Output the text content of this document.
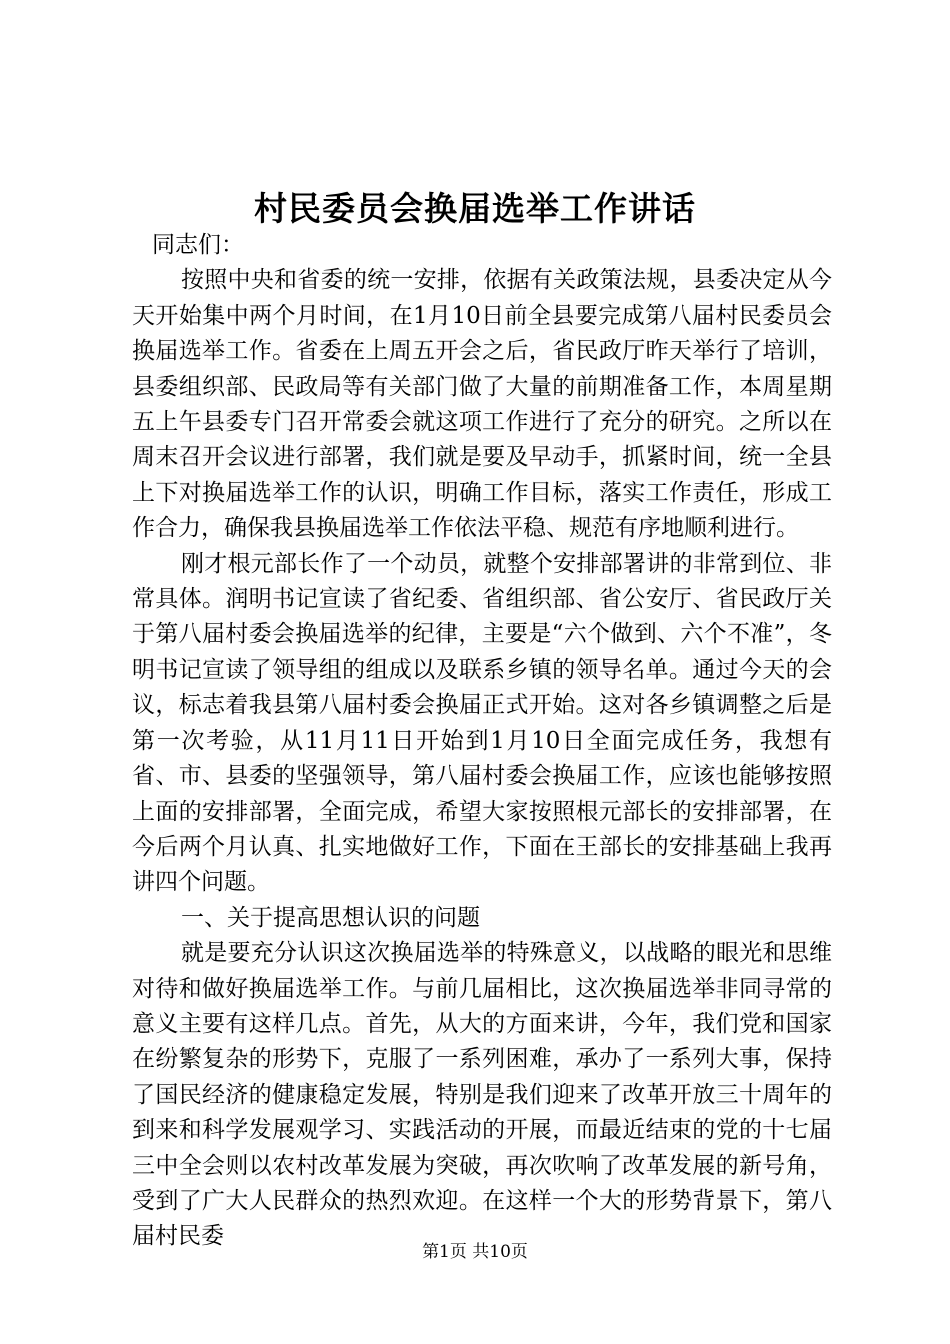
村民委员会换届选举工作讲话

同志们：

按照中央和省委的统一安排，依据有关政策法规，县委决定从今天开始集中两个月时间，在1月10日前全县要完成第八届村民委员会换届选举工作。省委在上周五开会之后，省民政厅昨天举行了培训，县委组织部、民政局等有关部门做了大量的前期准备工作，本周星期五上午县委专门召开常委会就这项工作进行了充分的研究。之所以在周末召开会议进行部署，我们就是要及早动手，抓紧时间，统一全县上下对换届选举工作的认识，明确工作目标，落实工作责任，形成工作合力，确保我县换届选举工作依法平稳、规范有序地顺利进行。

刚才根元部长作了一个动员，就整个安排部署讲的非常到位、非常具体。润明书记宣读了省纪委、省组织部、省公安厅、省民政厅关于第八届村委会换届选举的纪律，主要是“六个做到、六个不准”，冬明书记宣读了领导组的组成以及联系乡镇的领导名单。通过今天的会议，标志着我县第八届村委会换届正式开始。这对各乡镇调整之后是第一次考验，从11月11日开始到1月10日全面完成任务，我想有省、市、县委的坚强领导，第八届村委会换届工作，应该也能够按照上面的安排部署，全面完成，希望大家按照根元部长的安排部署，在今后两个月认真、扎实地做好工作，下面在王部长的安排基础上我再讲四个问题。

一、关于提高思想认识的问题

就是要充分认识这次换届选举的特殊意义，以战略的眼光和思维对待和做好换届选举工作。与前几届相比，这次换届选举非同寻常的意义主要有这样几点。首先，从大的方面来讲，今年，我们党和国家在纷繁复杂的形势下，克服了一系列困难，承办了一系列大事，保持了国民经济的健康稳定发展，特别是我们迎来了改革开放三十周年的到来和科学发展观学习、实践活动的开展，而最近结束的党的十七届三中全会则以农村改革发展为突破，再次吹响了改革发展的新号角，受到了广大人民群众的热烈欢迎。在这样一个大的形势背景下，第八届村民委

第1页 共10页
